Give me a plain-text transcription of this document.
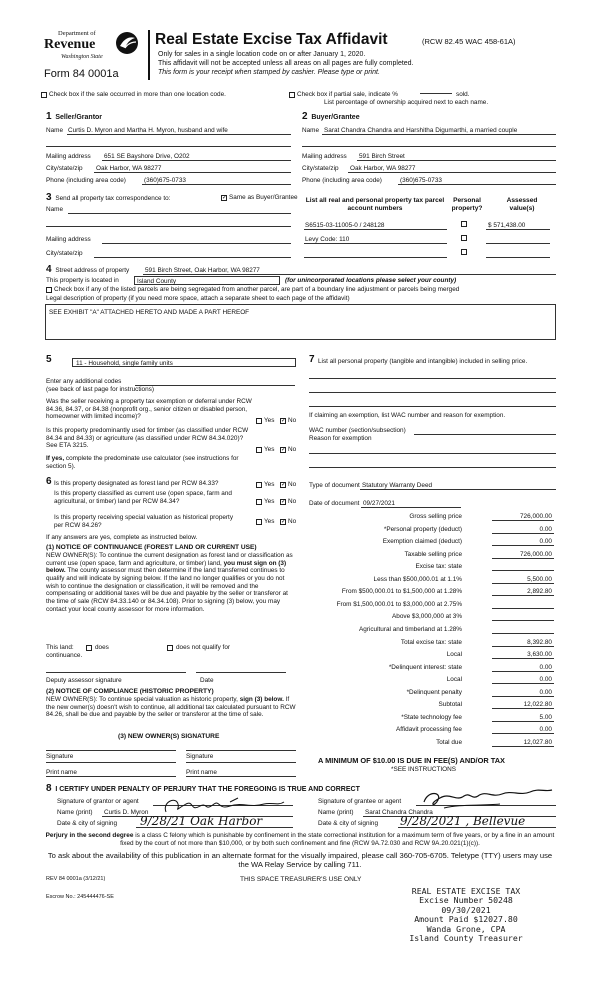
Department of
Revenue
Washington State
Form 84 0001a
Real Estate Excise Tax Affidavit	(RCW 82.45 WAC 458-61A)
Only for sales in a single location code on or after January 1, 2020.
This affidavit will not be accepted unless all areas on all pages are fully completed.
This form is your receipt when stamped by cashier. Please type or print.
Check box if the sale occurred in more than one location code.	Check box if partial sale, indicate %	sold.
List percentage of ownership acquired next to each name.
1 Seller/Grantor
Name Curtis D. Myron and Martha H. Myron, husband and wife
Mailing address 651 SE Bayshore Drive, O202
City/state/zip Oak Harbor, WA 98277
Phone (including area code)	(360)675-0733
2 Buyer/Grantee
Name Sarat Chandra Chandra and Harshitha Digumarthi, a married couple
Mailing address 591 Birch Street
City/state/zip Oak Harbor, WA 98277
Phone (including area code)	(360)675-0733
3 Send all property tax correspondence to:	✓ Same as Buyer/Grantee
Name
Mailing address
City/state/zip
List all real and personal property tax parcel account numbers
Personal property?
Assessed value(s)
S6515-03-11005-0 / 248128	$ 571,438.00
Levy Code: 110
4 Street address of property 591 Birch Street, Oak Harbor, WA 98277
This property is located in	Island County	(for unincorporated locations please select your county)
Check box if any of the listed parcels are being segregated from another parcel, are part of a boundary line adjustment or parcels being merged
Legal description of property (if you need more space, attach a separate sheet to each page of the affidavit)
SEE EXHIBIT "A" ATTACHED HERETO AND MADE A PART HEREOF
5	11 - Household, single family units
Enter any additional codes
(see back of last page for instructions)
Was the seller receiving a property tax exemption or deferral under RCW 84.36, 84.37, or 84.38 (nonprofit org., senior citizen or disabled person, homeowner with limited income)?
Yes ✓ No
Is this property predominantly used for timber (as classified under RCW 84.34 and 84.33) or agriculture (as classified under RCW 84.34.020)? See ETA 3215.
Yes ✓ No
If yes, complete the predominate use calculator (see instructions for section 5).
6 Is this property designated as forest land per RCW 84.33?	Yes ✓ No
Is this property classified as current use (open space, farm and agricultural, or timber) land per RCW 84.34?	Yes ✓ No
Is this property receiving special valuation as historical property per RCW 84.26?
Yes ✓ No
If any answers are yes, complete as instructed below.
(1) NOTICE OF CONTINUANCE (FOREST LAND OR CURRENT USE)
NEW OWNER(S): To continue the current designation as forest land or classification as current use (open space, farm and agriculture, or timber) land, you must sign on (3) below. The county assessor must then determine if the land transferred continues to qualify and will indicate by signing below. If the land no longer qualifies or you do not wish to continue the designation or classification, it will be removed and the compensating or additional taxes will be due and payable by the seller or transferor at the time of sale (RCW 84.33.140 or 84.34.108). Prior to signing (3) below, you may contact your local county assessor for more information.
This land:	does	does not qualify for
continuance.
Deputy assessor signature	Date
(2) NOTICE OF COMPLIANCE (HISTORIC PROPERTY)
NEW OWNER(S): To continue special valuation as historic property, sign (3) below. If the new owner(s) doesn't wish to continue, all additional tax calculated pursuant to RCW 84.26, shall be due and payable by the seller or transferor at the time of sale.
(3) NEW OWNER(S) SIGNATURE
Signature	Signature
Print name	Print name
7 List all personal property (tangible and intangible) included in selling price.
If claiming an exemption, list WAC number and reason for exemption.
WAC number (section/subsection)
Reason for exemption
Type of document Statutory Warranty Deed
Date of document 09/27/2021
Gross selling price	726,000.00
*Personal property (deduct)	0.00
Exemption claimed (deduct)	0.00
Taxable selling price	726,000.00
Excise tax: state
Less than $500,000.01 at 1.1%	5,500.00
From $500,000.01 to $1,500,000 at 1.28%	2,892.80
From $1,500,000.01 to $3,000,000 at 2.75%
Above $3,000,000 at 3%
Agricultural and timberland at 1.28%
Total excise tax: state	8,392.80
Local	3,630.00
*Delinquent interest: state	0.00
Local	0.00
*Delinquent penalty	0.00
Subtotal	12,022.80
*State technology fee	5.00
Affidavit processing fee	0.00
Total due	12,027.80
A MINIMUM OF $10.00 IS DUE IN FEE(S) AND/OR TAX
*SEE INSTRUCTIONS
8 I CERTIFY UNDER PENALTY OF PERJURY THAT THE FOREGOING IS TRUE AND CORRECT
Signature of grantor or agent
Name (print) Curtis D. Myron
Date & city of signing 9/28/21 Oak Harbor
Signature of grantee or agent
Name (print) Sarat Chandra Chandra
Date & city of signing 9/28/2021 , Bellevue
Perjury in the second degree is a class C felony which is punishable by confinement in the state correctional institution for a maximum term of five years, or by a fine in an amount fixed by the court of not more than $10,000, or by both such confinement and fine (RCW 9A.72.030 and RCW 9A.20.021(1)(c)).
To ask about the availability of this publication in an alternate format for the visually impaired, please call 360-705-6705. Teletype (TTY) users may use the WA Relay Service by calling 711.
REV 84 0001a (3/12/21)	THIS SPACE TREASURER'S USE ONLY
Escrow No.: 245444476-SE
REAL ESTATE EXCISE TAX
Excise Number 50248
09/30/2021
Amount Paid $12027.80
Wanda Grone, CPA
Island County Treasurer
